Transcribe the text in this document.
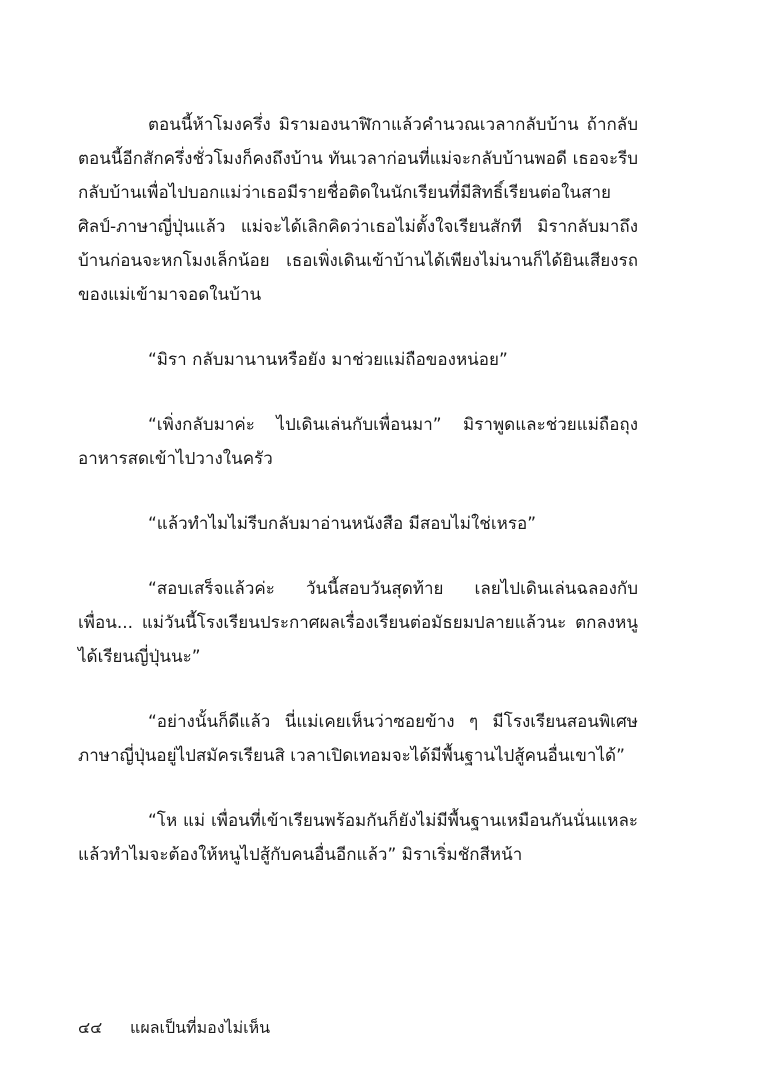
ตอนนี้ห้าโมงครึ่ง มิรามองนาฬิกาแล้วคำนวณเวลากลับบ้าน ถ้ากลับตอนนี้อีกสักครึ่งชั่วโมงก็คงถึงบ้าน ทันเวลาก่อนที่แม่จะกลับบ้านพอดี เธอจะรีบกลับบ้านเพื่อไปบอกแม่ว่าเธอมีรายชื่อติดในนักเรียนที่มีสิทธิ์เรียนต่อในสายศิลป์-ภาษาญี่ปุ่นแล้ว แม่จะได้เลิกคิดว่าเธอไม่ตั้งใจเรียนสักที มิรากลับมาถึงบ้านก่อนจะหกโมงเล็กน้อย เธอเพิ่งเดินเข้าบ้านได้เพียงไม่นานก็ได้ยินเสียงรถของแม่เข้ามาจอดในบ้าน

“มิรา กลับมานานหรือยัง มาช่วยแม่ถือของหน่อย”

“เพิ่งกลับมาค่ะ ไปเดินเล่นกับเพื่อนมา” มิราพูดและช่วยแม่ถือถุงอาหารสดเข้าไปวางในครัว

“แล้วทำไมไม่รีบกลับมาอ่านหนังสือ มีสอบไม่ใช่เหรอ”

“สอบเสร็จแล้วค่ะ วันนี้สอบวันสุดท้าย เลยไปเดินเล่นฉลองกับเพื่อน... แม่วันนี้โรงเรียนประกาศผลเรื่องเรียนต่อมัธยมปลายแล้วนะ ตกลงหนูได้เรียนญี่ปุ่นนะ”

“อย่างนั้นก็ดีแล้ว นี่แม่เคยเห็นว่าซอยข้าง ๆ มีโรงเรียนสอนพิเศษภาษาญี่ปุ่นอยู่ไปสมัครเรียนสิ เวลาเปิดเทอมจะได้มีพื้นฐานไปสู้คนอื่นเขาได้”

“โห แม่ เพื่อนที่เข้าเรียนพร้อมกันก็ยังไม่มีพื้นฐานเหมือนกันนั่นแหละ แล้วทำไมจะต้องให้หนูไปสู้กับคนอื่นอีกแล้ว” มิราเริ่มชักสีหน้า

๔๔ แผลเป็นที่มองไม่เห็น
